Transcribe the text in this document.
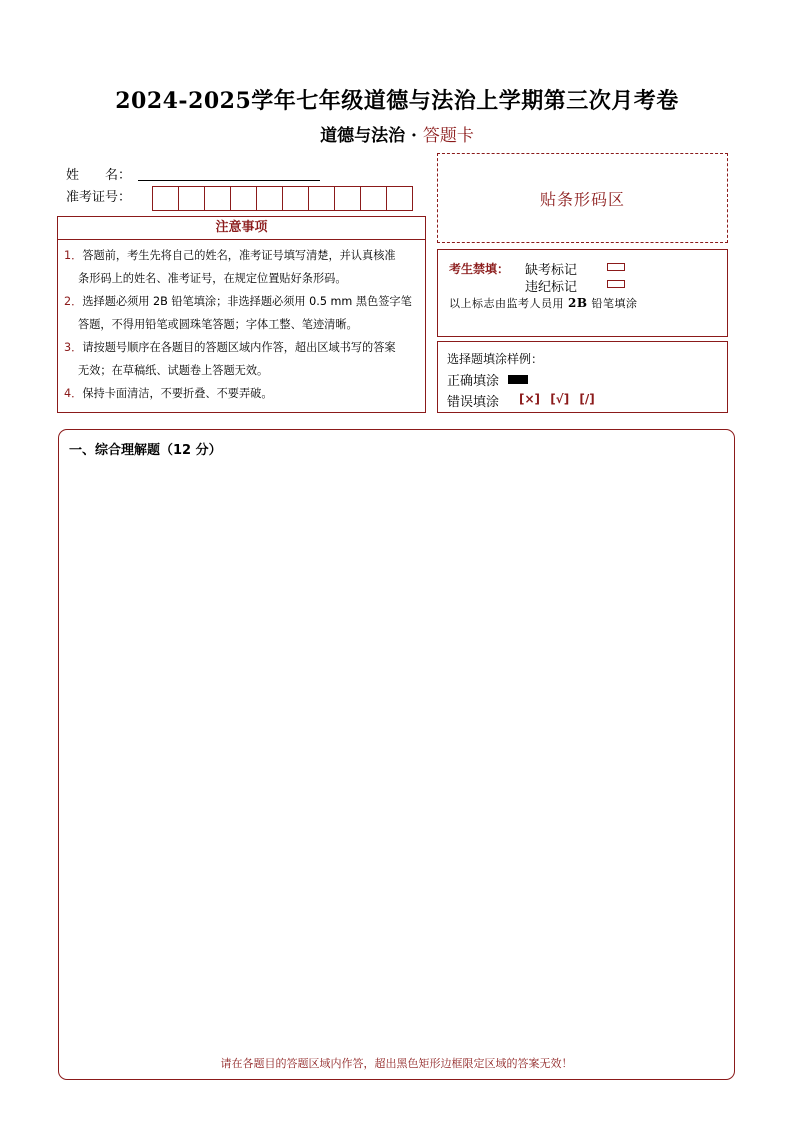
2024-2025学年七年级道德与法治上学期第三次月考卷
道德与法治 · 答题卡
姓　　名：
准考证号：
注意事项
1．答题前，考生先将自己的姓名，准考证号填写清楚，并认真核准
条形码上的姓名、准考证号，在规定位置贴好条形码。
2．选择题必须用 2B 铅笔填涂；非选择题必须用 0.5 mm 黑色签字笔
答题，不得用铅笔或圆珠笔答题；字体工整、笔迹清晰。
3．请按题号顺序在各题目的答题区域内作答，超出区域书写的答案
无效；在草稿纸、试题卷上答题无效。
4．保持卡面清洁，不要折叠、不要弄破。
贴条形码区
考生禁填： 缺考标记
违纪标记
以上标志由监考人员用 2B 铅笔填涂
选择题填涂样例：
正确填涂
错误填涂 [×] [√] [/]
一、综合理解题（12 分）
请在各题目的答题区域内作答，超出黑色矩形边框限定区域的答案无效！
